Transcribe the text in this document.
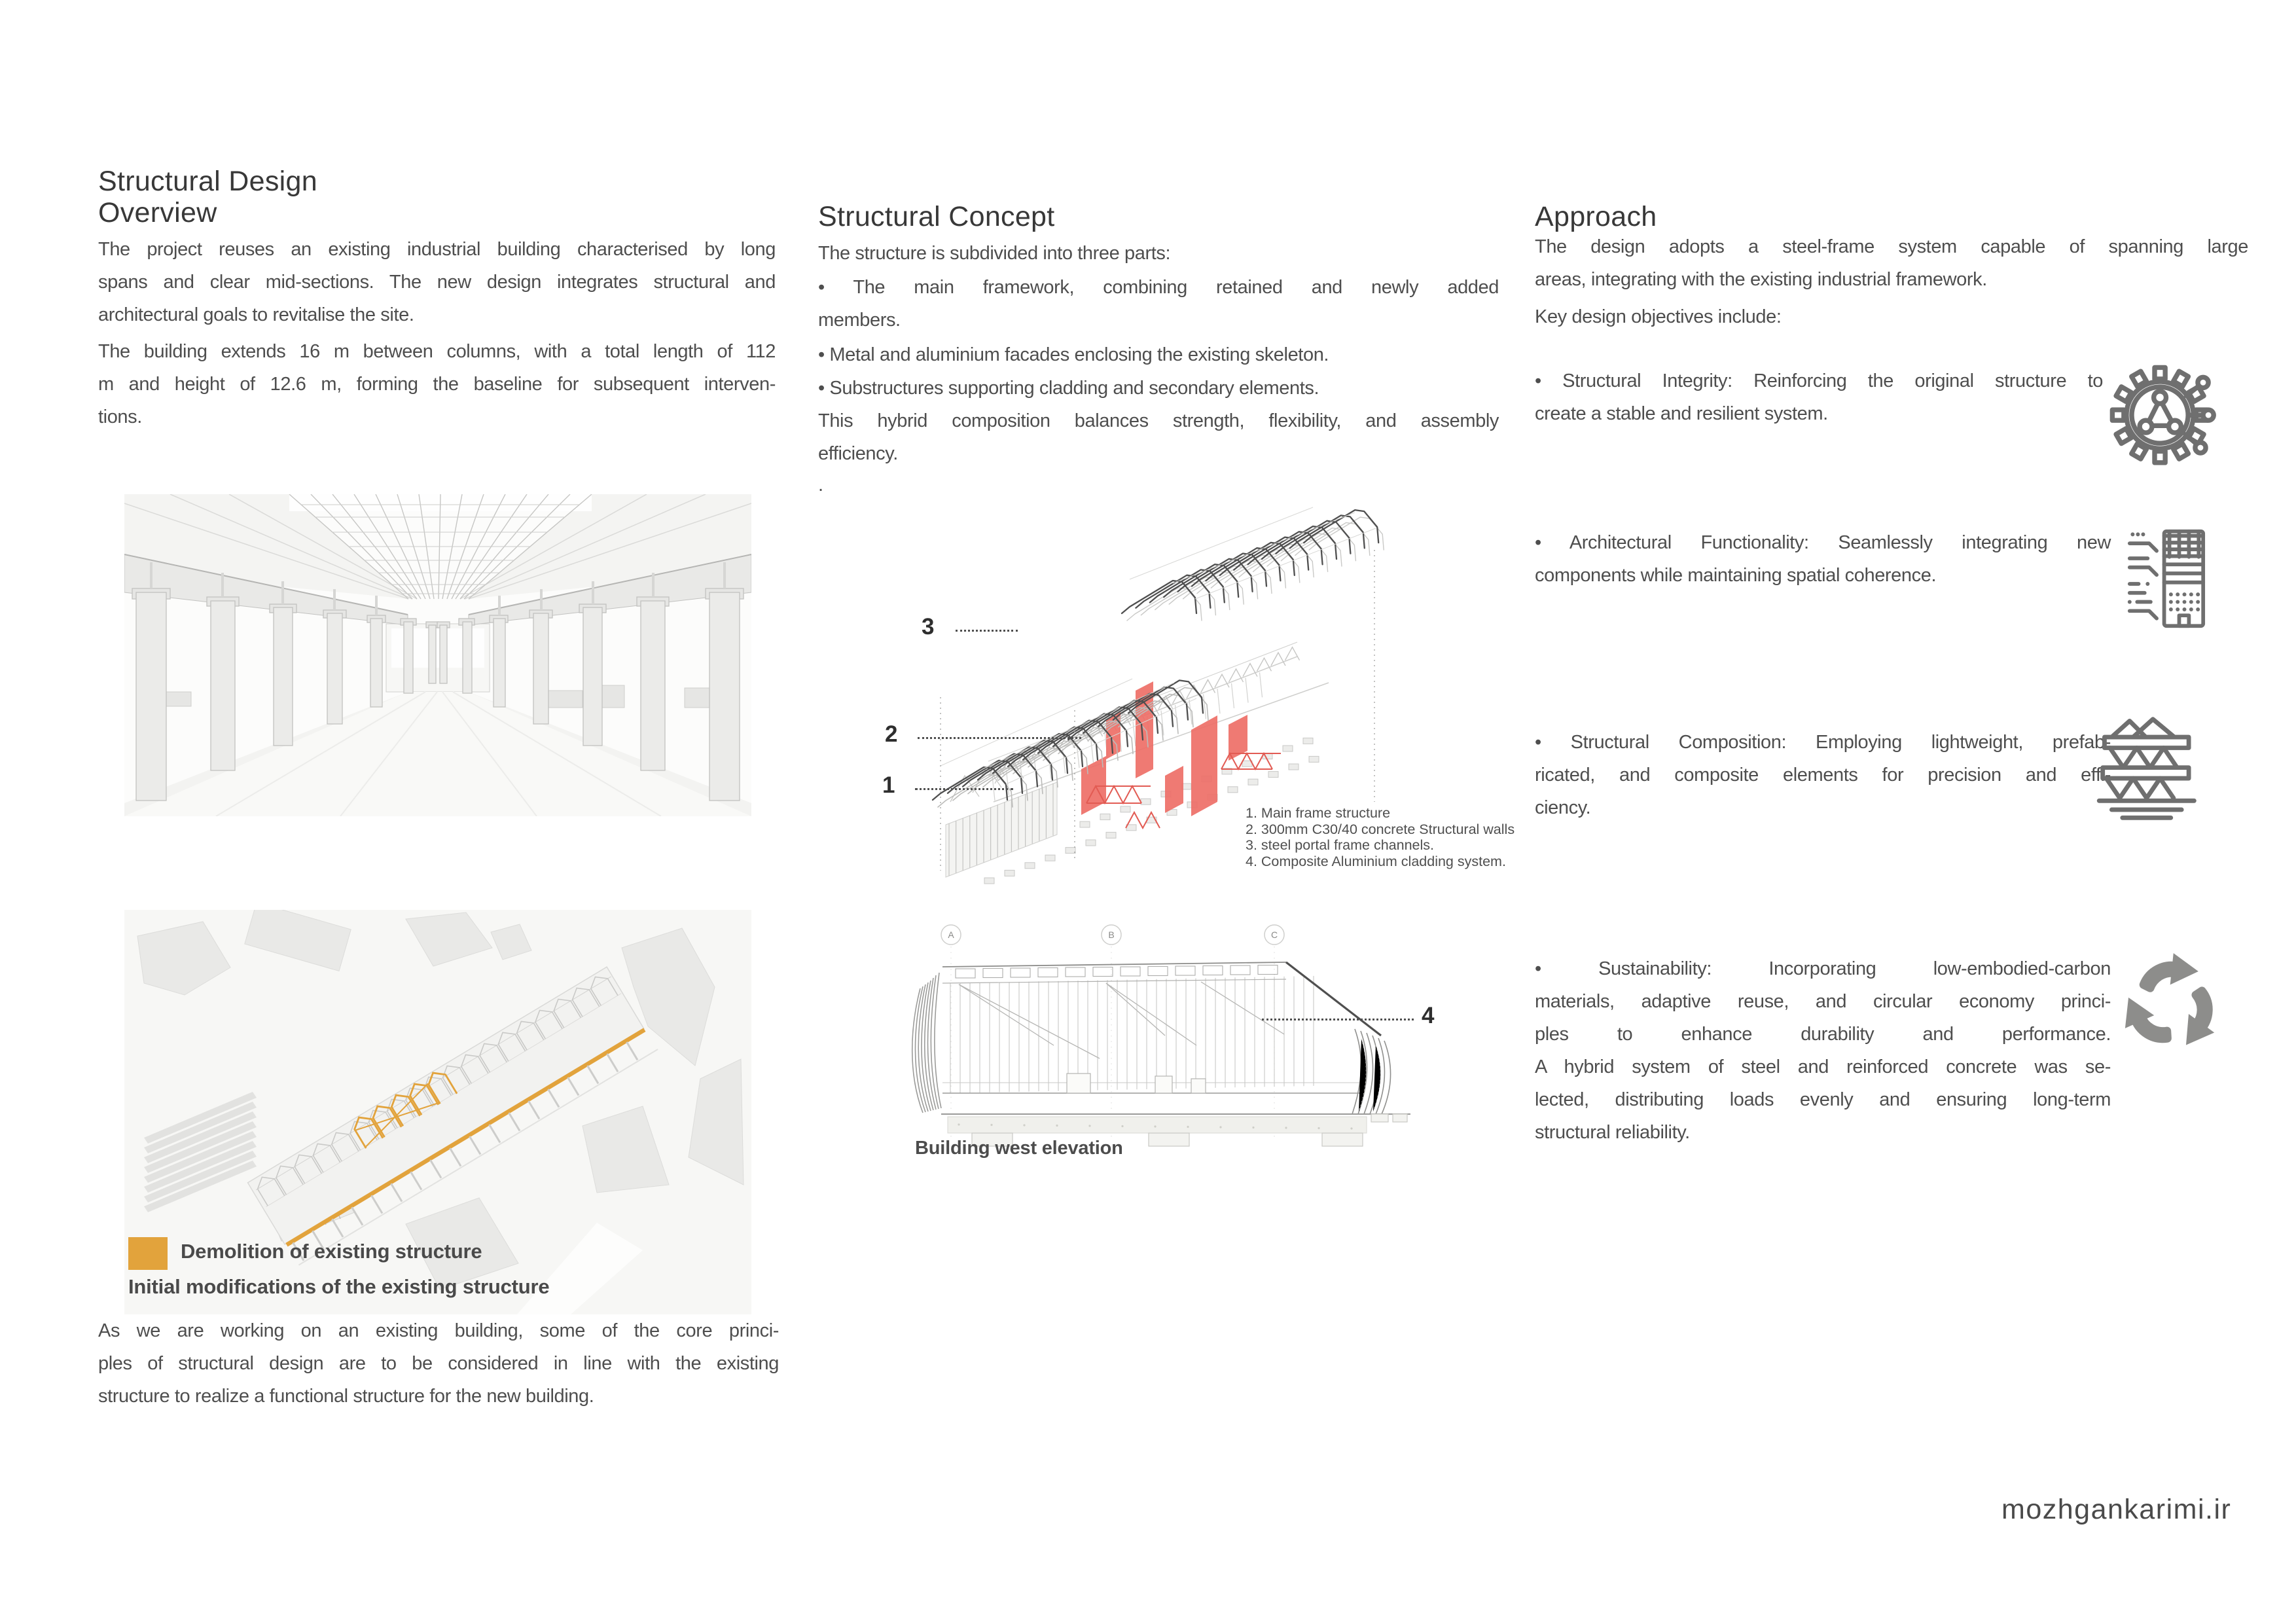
Structural Design
Overview
The project reuses an existing industrial building characterised by long
spans and clear mid-sections. The new design integrates structural and
architectural goals to revitalise the site.
The building extends 16 m between columns, with a total length of 112
m and height of 12.6 m, forming the baseline for subsequent interven-
tions.
Demolition of existing structure
Initial modifications of the existing structure
As we are working on an existing building, some of the core princi-
ples of structural design are to be considered in line with the existing
structure to realize a functional structure for the new building.
Structural Concept
The structure is subdivided into three parts:
• The main framework, combining retained and newly added
members.
• Metal and aluminium facades enclosing the existing skeleton.
• Substructures supporting cladding and secondary elements.
This hybrid composition balances strength, flexibility, and assembly
efficiency.
.
3
2
1
1. Main frame structure
2. 300mm C30/40 concrete Structural walls
3. steel portal frame channels.
4. Composite Aluminium cladding system.
A	B	C
4
Building west elevation
Approach
The design adopts a steel-frame system capable of spanning large
areas, integrating with the existing industrial framework.
Key design objectives include:
• Structural Integrity: Reinforcing the original structure to
create a stable and resilient system.
• Architectural Functionality: Seamlessly integrating new
components while maintaining spatial coherence.
• Structural Composition: Employing lightweight, prefab-
ricated, and composite elements for precision and effi-
ciency.
• Sustainability: Incorporating low-embodied-carbon
materials, adaptive reuse, and circular economy princi-
ples to enhance durability and performance.
A hybrid system of steel and reinforced concrete was se-
lected, distributing loads evenly and ensuring long-term
structural reliability.
mozhgankarimi.ir
